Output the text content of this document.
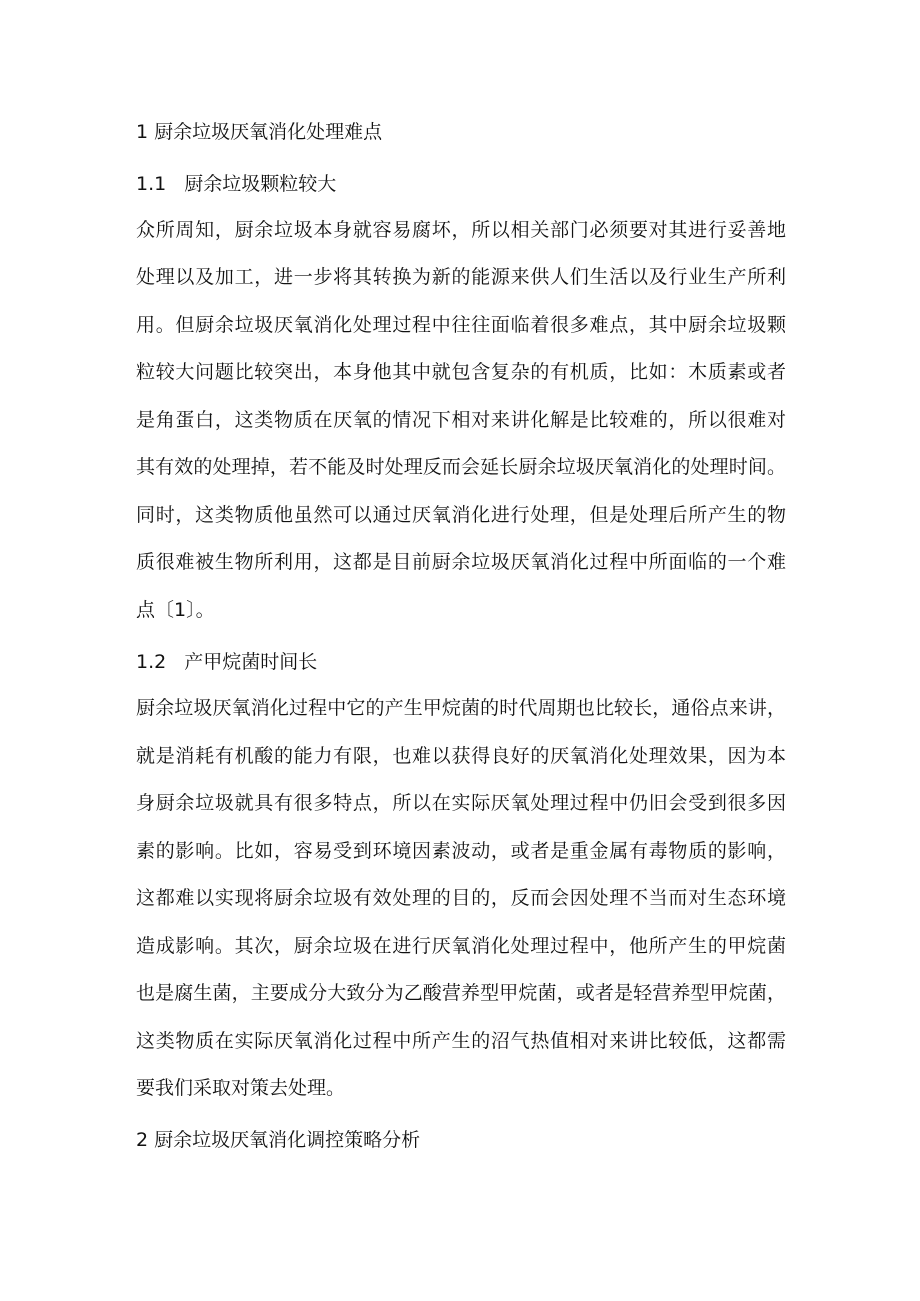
1 厨余垃圾厌氧消化处理难点

1.1 厨余垃圾颗粒较大

众所周知，厨余垃圾本身就容易腐坏，所以相关部门必须要对其进行妥善地

处理以及加工，进一步将其转换为新的能源来供人们生活以及行业生产所利

用。但厨余垃圾厌氧消化处理过程中往往面临着很多难点，其中厨余垃圾颗

粒较大问题比较突出，本身他其中就包含复杂的有机质，比如：木质素或者

是角蛋白，这类物质在厌氧的情况下相对来讲化解是比较难的，所以很难对

其有效的处理掉，若不能及时处理反而会延长厨余垃圾厌氧消化的处理时间。

同时，这类物质他虽然可以通过厌氧消化进行处理，但是处理后所产生的物

质很难被生物所利用，这都是目前厨余垃圾厌氧消化过程中所面临的一个难

点〔1〕。

1.2 产甲烷菌时间长

厨余垃圾厌氧消化过程中它的产生甲烷菌的时代周期也比较长，通俗点来讲，

就是消耗有机酸的能力有限，也难以获得良好的厌氧消化处理效果，因为本

身厨余垃圾就具有很多特点，所以在实际厌氧处理过程中仍旧会受到很多因

素的影响。比如，容易受到环境因素波动，或者是重金属有毒物质的影响，

这都难以实现将厨余垃圾有效处理的目的，反而会因处理不当而对生态环境

造成影响。其次，厨余垃圾在进行厌氧消化处理过程中，他所产生的甲烷菌

也是腐生菌，主要成分大致分为乙酸营养型甲烷菌，或者是轻营养型甲烷菌，

这类物质在实际厌氧消化过程中所产生的沼气热值相对来讲比较低，这都需

要我们采取对策去处理。

2 厨余垃圾厌氧消化调控策略分析
